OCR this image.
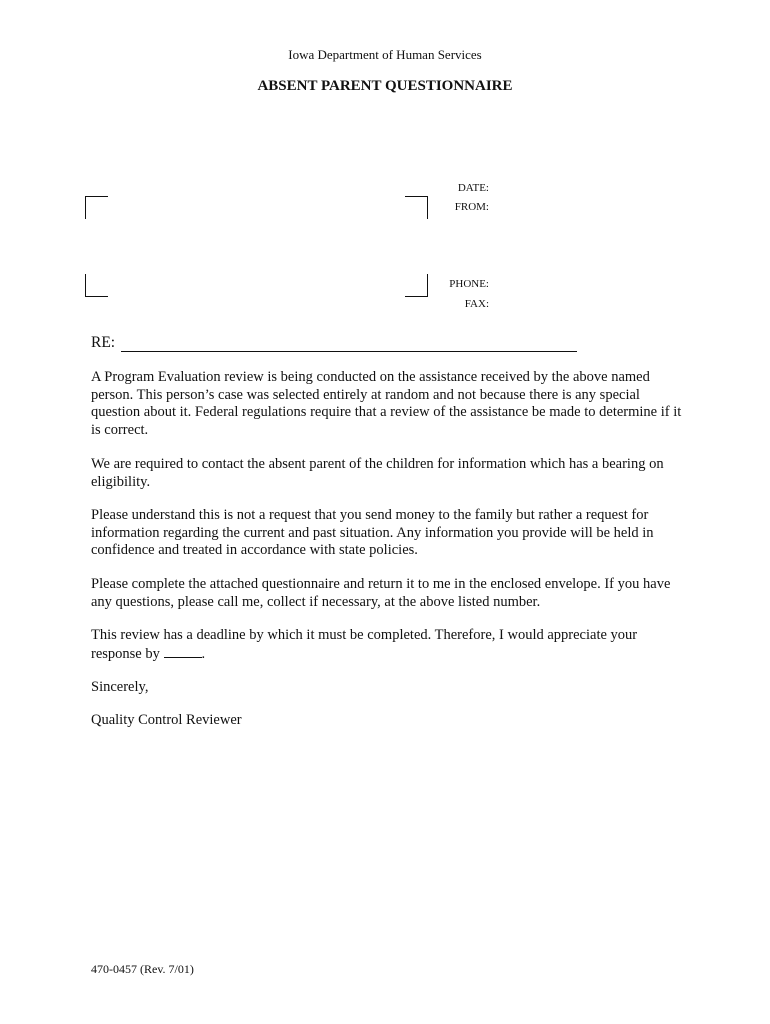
Iowa Department of Human Services
ABSENT PARENT QUESTIONNAIRE
DATE:
FROM:
PHONE:
FAX:
RE:

A Program Evaluation review is being conducted on the assistance received by the above named person. This person’s case was selected entirely at random and not because there is any special question about it. Federal regulations require that a review of the assistance be made to determine if it is correct.

We are required to contact the absent parent of the children for information which has a bearing on eligibility.

Please understand this is not a request that you send money to the family but rather a request for information regarding the current and past situation. Any information you provide will be held in confidence and treated in accordance with state policies.

Please complete the attached questionnaire and return it to me in the enclosed envelope. If you have any questions, please call me, collect if necessary, at the above listed number.

This review has a deadline by which it must be completed. Therefore, I would appreciate your response by	.

Sincerely,

Quality Control Reviewer

470-0457 (Rev. 7/01)
